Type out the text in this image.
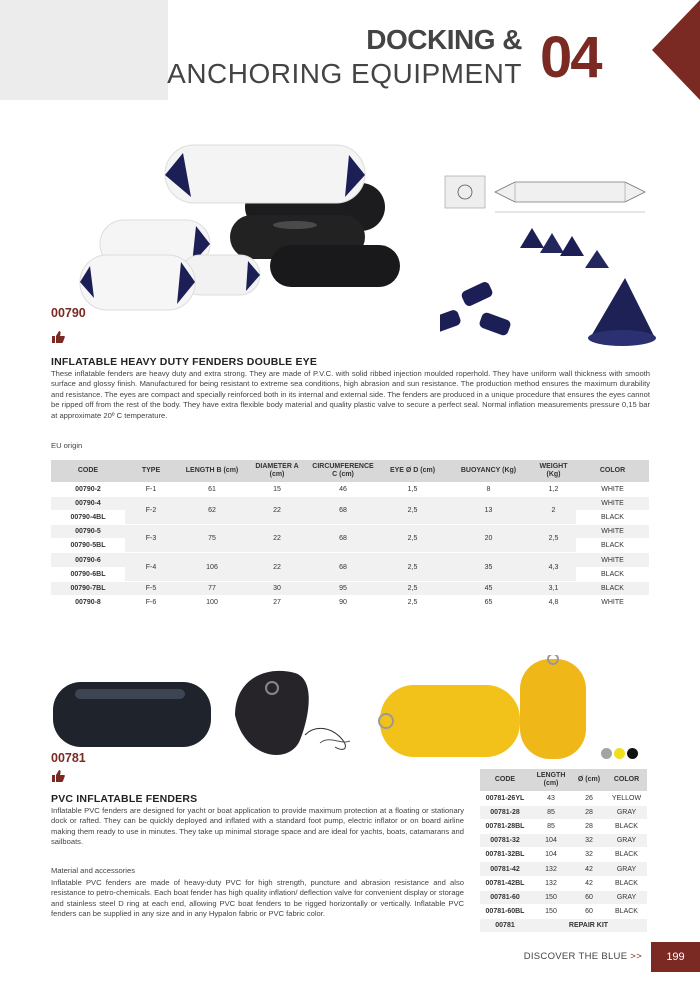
DOCKING &
ANCHORING EQUIPMENT 04
00790
INFLATABLE HEAVY DUTY FENDERS DOUBLE EYE
These inflatable fenders are heavy duty and extra strong. They are made of P.V.C. with solid ribbed injection moulded roperhold. They have uniform wall thickness with smooth surface and glossy finish. Manufactured for being resistant to extreme sea conditions, high abrasion and sun resistance. The production method ensures the maximum durability and resistance. The eyes are compact and specially reinforced both in its internal and external side. The fenders are produced in a unique procedure that ensures the eyes cannot be ripped off from the rest of the body. They have extra flexible body material and quality plastic valve to secure a perfect seal. Normal inflation measurements pressure 0,15 bar at approximate 20º C temperature.
EU origin
CODE	TYPE	LENGTH B (cm)	DIAMETER A (cm)	CIRCUMFERENCE C (cm)	EYE Ø D (cm)	BUOYANCY (Kg)	WEIGHT (Kg)	COLOR
00790-2	F-1	61	15	46	1,5	8	1,2	WHITE
00790-4	F-2	62	22	68	2,5	13	2	WHITE
00790-4BL								BLACK
00790-5	F-3	75	22	68	2,5	20	2,5	WHITE
00790-5BL								BLACK
00790-6	F-4	106	22	68	2,5	35	4,3	WHITE
00790-6BL								BLACK
00790-7BL	F-5	77	30	95	2,5	45	3,1	BLACK
00790-8	F-6	100	27	90	2,5	65	4,8	WHITE
00781
PVC INFLATABLE FENDERS
Inflatable PVC fenders are designed for yacht or boat application to provide maximum protection at a floating or stationary dock or rafted. They can be quickly deployed and inflated with a standard foot pump, electric inflator or on board airline making them ready to use in minutes. They take up minimal storage space and are ideal for yachts, boats, catamarans and sailboats.
Material and accessories
Inflatable PVC fenders are made of heavy-duty PVC for high strength, puncture and abrasion resistance and also resistance to petro-chemicals. Each boat fender has high quality inflation/ deflection valve for convenient display or storage and stainless steel D ring at each end, allowing PVC boat fenders to be rigged horizontally or vertically. Inflatable PVC fenders can be supplied in any size and in any Hypalon fabric or PVC fabric color.
CODE	LENGTH (cm)	Ø (cm)	COLOR
00781-26YL	43	26	YELLOW
00781-28	85	28	GRAY
00781-28BL	85	28	BLACK
00781-32	104	32	GRAY
00781-32BL	104	32	BLACK
00781-42	132	42	GRAY
00781-42BL	132	42	BLACK
00781-60	150	60	GRAY
00781-60BL	150	60	BLACK
00781	REPAIR KIT		
DISCOVER THE BLUE >>	199
